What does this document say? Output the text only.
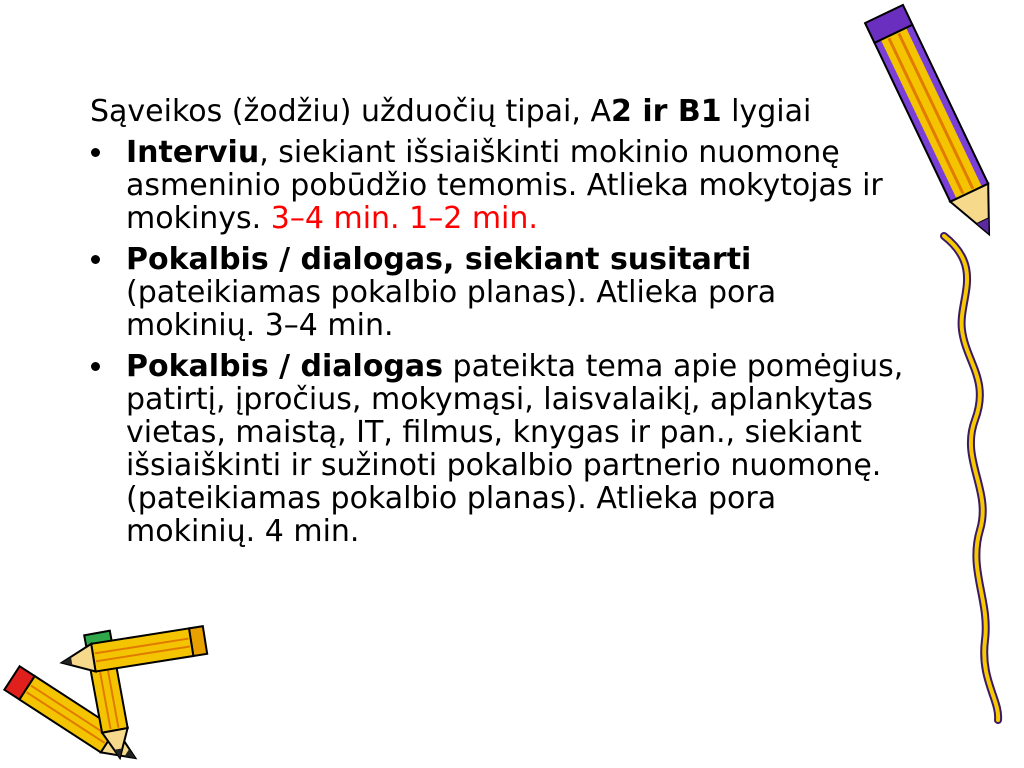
Sąveikos (žodžiu) užduočių tipai, A2 ir B1 lygiai
Interviu, siekiant išsiaiškinti mokinio nuomonę
asmeninio pobūdžio temomis. Atlieka mokytojas ir
mokinys. 3–4 min. 1–2 min.
Pokalbis / dialogas, siekiant susitarti
(pateikiamas pokalbio planas). Atlieka pora
mokinių. 3–4 min.
Pokalbis / dialogas pateikta tema apie pomėgius,
patirtį, įpročius, mokymąsi, laisvalaikį, aplankytas
vietas, maistą, IT, filmus, knygas ir pan., siekiant
išsiaiškinti ir sužinoti pokalbio partnerio nuomonę.
(pateikiamas pokalbio planas). Atlieka pora
mokinių. 4 min.
